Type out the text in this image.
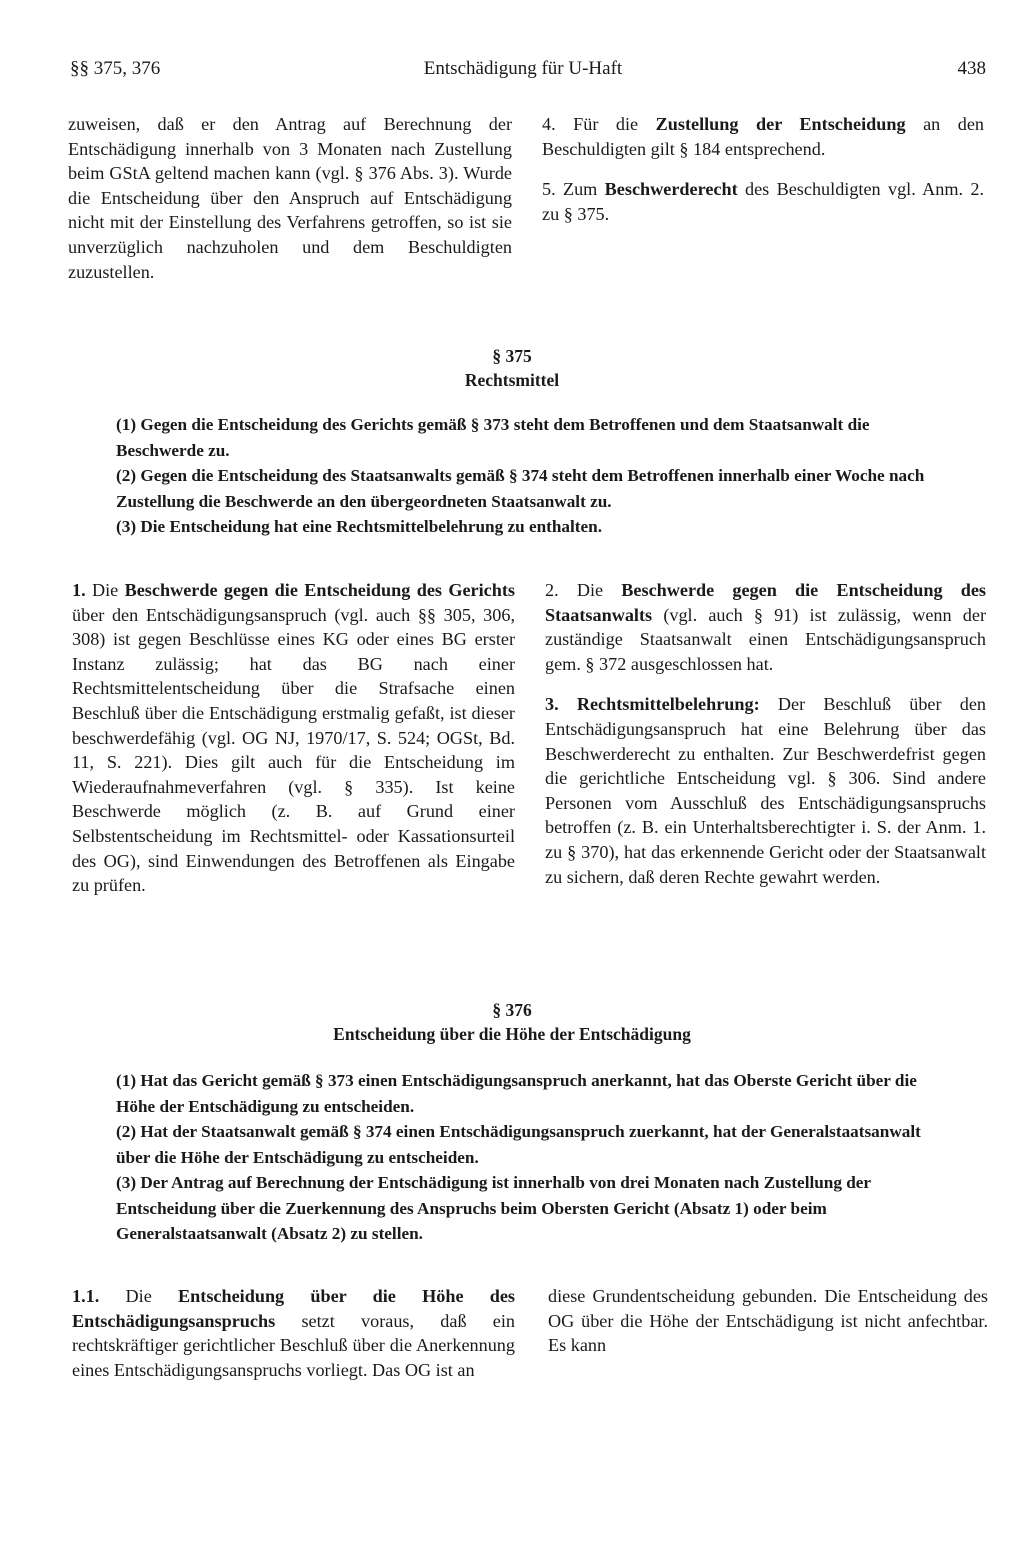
§§ 375, 376	Entschädigung für U-Haft	438

zuweisen, daß er den Antrag auf Berechnung der Entschädigung innerhalb von 3 Monaten nach Zustellung beim GStA geltend machen kann (vgl. § 376 Abs. 3). Wurde die Entscheidung über den Anspruch auf Entschädigung nicht mit der Einstellung des Verfahrens getroffen, so ist sie unverzüglich nachzuholen und dem Beschuldigten zuzustellen.

4. Für die Zustellung der Entscheidung an den Beschuldigten gilt § 184 entsprechend.

5. Zum Beschwerderecht des Beschuldigten vgl. Anm. 2. zu § 375.

§ 375
Rechtsmittel

(1) Gegen die Entscheidung des Gerichts gemäß § 373 steht dem Betroffenen und dem Staatsanwalt die Beschwerde zu.

(2) Gegen die Entscheidung des Staatsanwalts gemäß § 374 steht dem Betroffenen innerhalb einer Woche nach Zustellung die Beschwerde an den übergeordneten Staatsanwalt zu.

(3) Die Entscheidung hat eine Rechtsmittelbelehrung zu enthalten.

1. Die Beschwerde gegen die Entscheidung des Gerichts über den Entschädigungsanspruch (vgl. auch §§ 305, 306, 308) ist gegen Beschlüsse eines KG oder eines BG erster Instanz zulässig; hat das BG nach einer Rechtsmittelentscheidung über die Strafsache einen Beschluß über die Entschädigung erstmalig gefaßt, ist dieser beschwerdefähig (vgl. OG NJ, 1970/17, S. 524; OGSt, Bd. 11, S. 221). Dies gilt auch für die Entscheidung im Wiederaufnahmeverfahren (vgl. § 335). Ist keine Beschwerde möglich (z. B. auf Grund einer Selbstentscheidung im Rechtsmittel- oder Kassationsurteil des OG), sind Einwendungen des Betroffenen als Eingabe zu prüfen.

2. Die Beschwerde gegen die Entscheidung des Staatsanwalts (vgl. auch § 91) ist zulässig, wenn der zuständige Staatsanwalt einen Entschädigungsanspruch gem. § 372 ausgeschlossen hat.

3. Rechtsmittelbelehrung: Der Beschluß über den Entschädigungsanspruch hat eine Belehrung über das Beschwerderecht zu enthalten. Zur Beschwerdefrist gegen die gerichtliche Entscheidung vgl. § 306. Sind andere Personen vom Ausschluß des Entschädigungsanspruchs betroffen (z. B. ein Unterhaltsberechtigter i. S. der Anm. 1. zu § 370), hat das erkennende Gericht oder der Staatsanwalt zu sichern, daß deren Rechte gewahrt werden.

§ 376
Entscheidung über die Höhe der Entschädigung

(1) Hat das Gericht gemäß § 373 einen Entschädigungsanspruch anerkannt, hat das Oberste Gericht über die Höhe der Entschädigung zu entscheiden.

(2) Hat der Staatsanwalt gemäß § 374 einen Entschädigungsanspruch zuerkannt, hat der Generalstaatsanwalt über die Höhe der Entschädigung zu entscheiden.

(3) Der Antrag auf Berechnung der Entschädigung ist innerhalb von drei Monaten nach Zustellung der Entscheidung über die Zuerkennung des Anspruchs beim Obersten Gericht (Absatz 1) oder beim Generalstaatsanwalt (Absatz 2) zu stellen.

1.1. Die Entscheidung über die Höhe des Entschädigungsanspruchs setzt voraus, daß ein rechtskräftiger gerichtlicher Beschluß über die Anerkennung eines Entschädigungsanspruchs vorliegt. Das OG ist an

diese Grundentscheidung gebunden. Die Entscheidung des OG über die Höhe der Entschädigung ist nicht anfechtbar. Es kann
